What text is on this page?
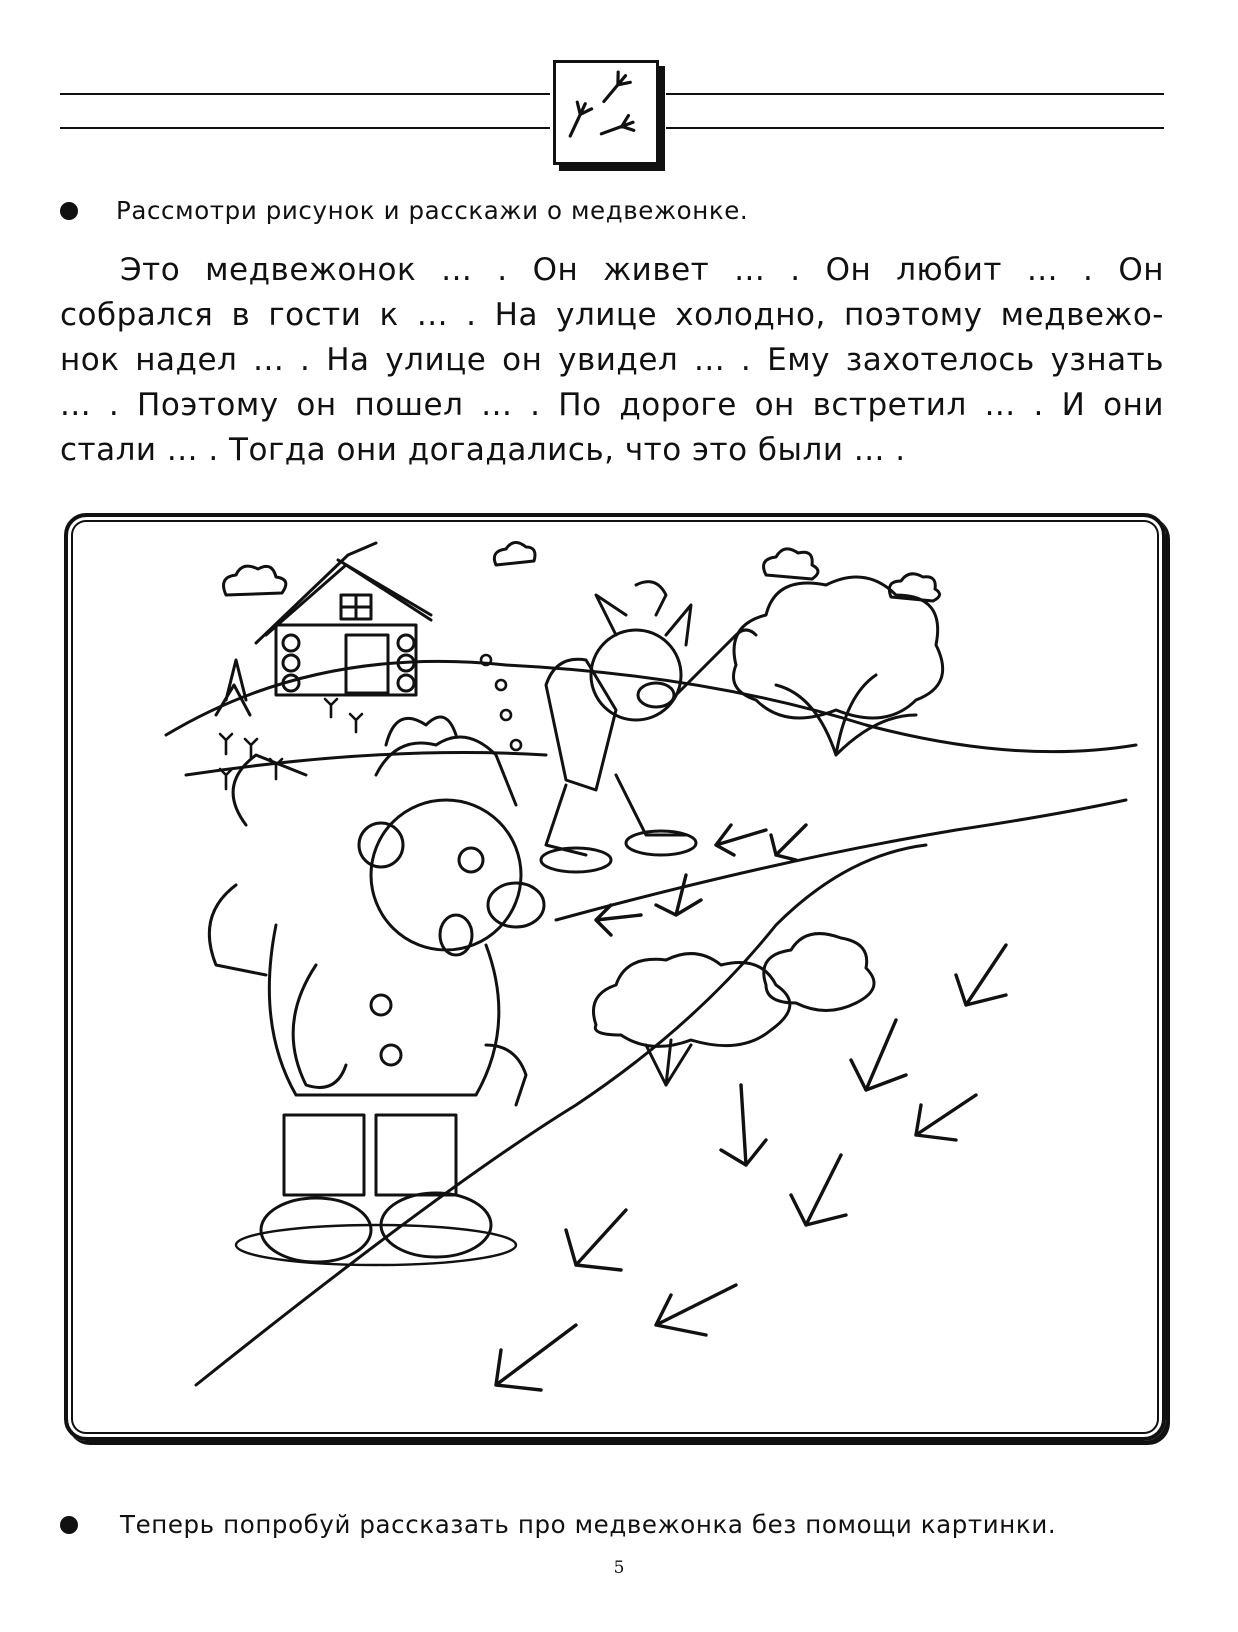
Рассмотри рисунок и расскажи о медвежонке.
Это медвежонок ... . Он живет ... . Он любит ... . Он
собрался в гости к ... . На улице холодно, поэтому медвежо-
нок надел ... . На улице он увидел ... . Ему захотелось узнать
... . Поэтому он пошел ... . По дороге он встретил ... . И они
стали ... . Тогда они догадались, что это были ... .
Теперь попробуй рассказать про медвежонка без помощи картинки.
5
